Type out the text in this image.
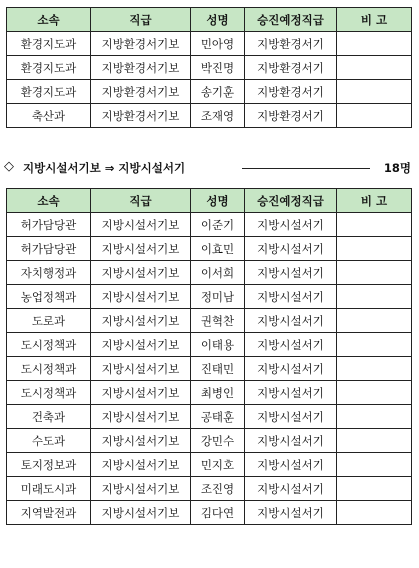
소속	직급	성명	승진예정직급	비 고
환경지도과	지방환경서기보	민아영	지방환경서기	
환경지도과	지방환경서기보	박진명	지방환경서기	
환경지도과	지방환경서기보	송기훈	지방환경서기	
축산과	지방환경서기보	조재영	지방환경서기	
◇ 지방시설서기보 ⇒ 지방시설서기	18명
소속	직급	성명	승진예정직급	비 고
허가담당관	지방시설서기보	이준기	지방시설서기	
허가담당관	지방시설서기보	이효민	지방시설서기	
자치행정과	지방시설서기보	이서희	지방시설서기	
농업정책과	지방시설서기보	정미남	지방시설서기	
도로과	지방시설서기보	권혁찬	지방시설서기	
도시정책과	지방시설서기보	이태용	지방시설서기	
도시정책과	지방시설서기보	진태민	지방시설서기	
도시정책과	지방시설서기보	최병인	지방시설서기	
건축과	지방시설서기보	공태훈	지방시설서기	
수도과	지방시설서기보	강민수	지방시설서기	
토지정보과	지방시설서기보	민지호	지방시설서기	
미래도시과	지방시설서기보	조진영	지방시설서기	
지역발전과	지방시설서기보	김다연	지방시설서기	
